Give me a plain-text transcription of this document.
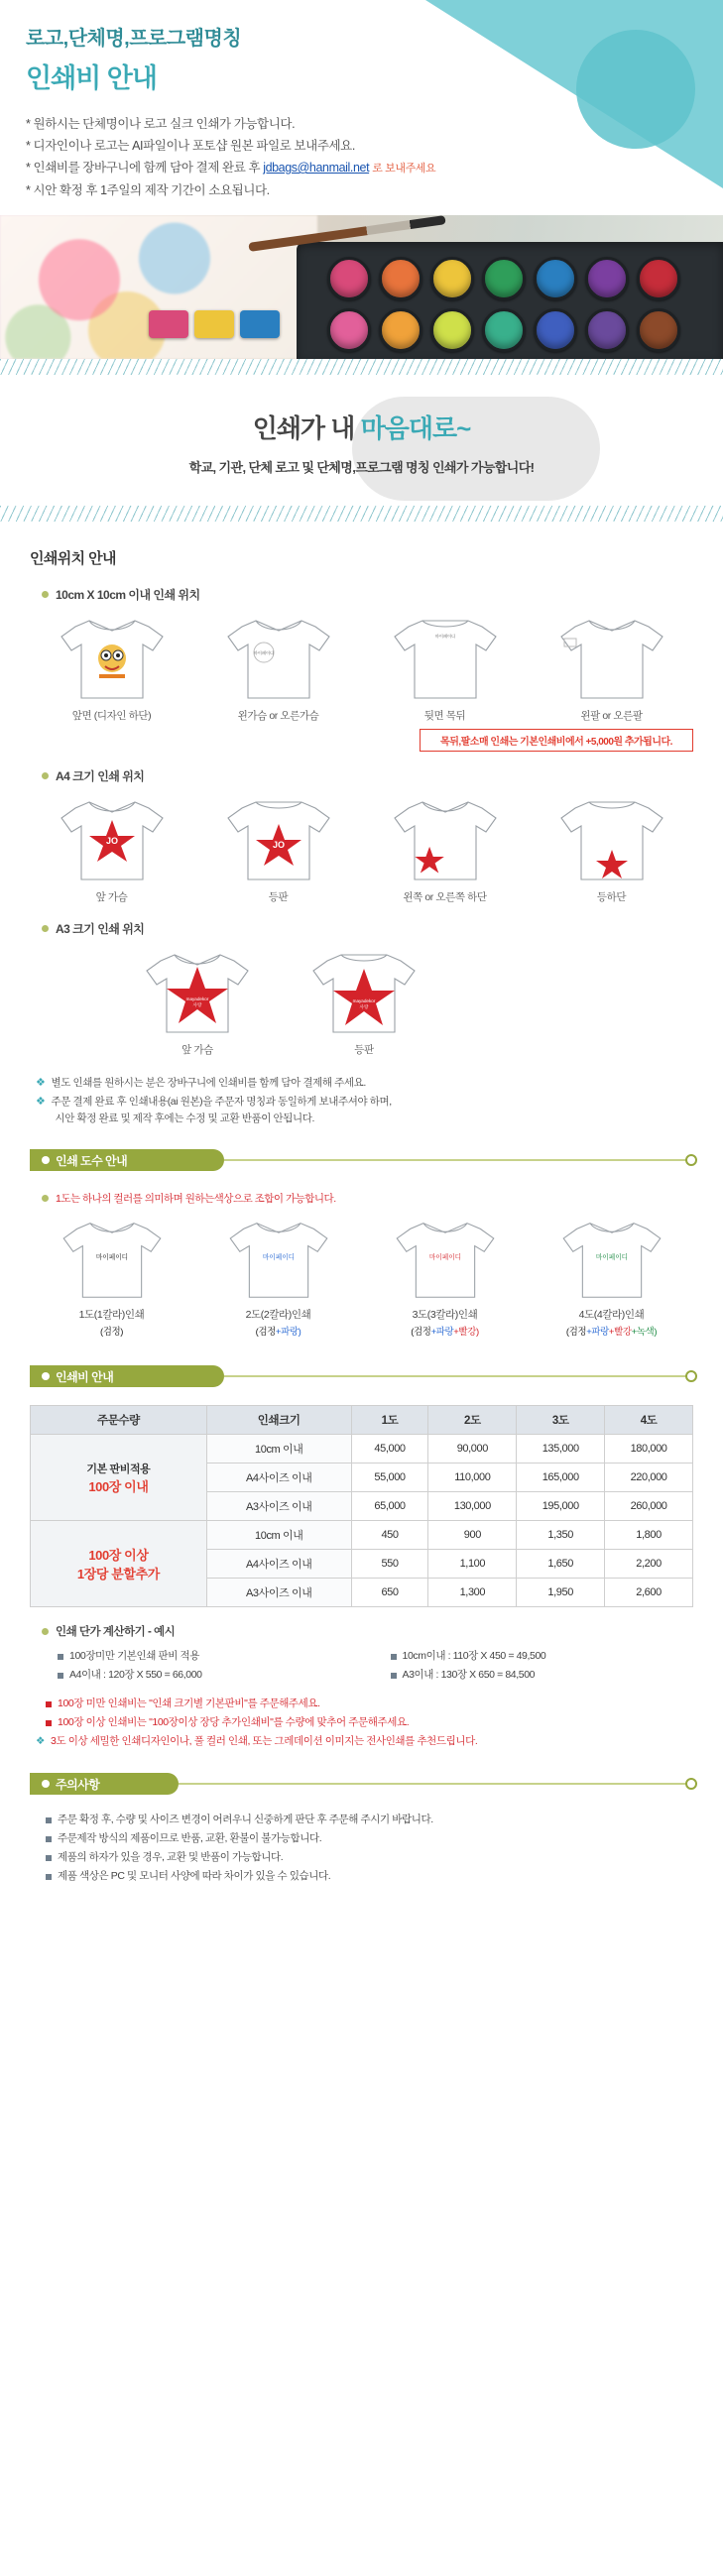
로고,단체명,프로그램명칭
인쇄비 안내
* 원하시는 단체명이나 로고 실크 인쇄가 가능합니다.
* 디자인이나 로고는 AI파일이나 포토샵 원본 파일로 보내주세요.
* 인쇄비를 장바구니에 함께 담아 결제 완료 후 jdbags@hanmail.net 로 보내주세요
* 시안 확정 후 1주일의 제작 기간이 소요됩니다.
인쇄가 내 마음대로~
학교, 기관, 단체 로고 및 단체명,프로그램 명칭 인쇄가 가능합니다!
인쇄위치 안내
10cm X 10cm 이내 인쇄 위치
앞면 (디자인 하단)
마이페이디
왼가슴 or 오른가슴
마이페이디
뒷면 목뒤	왼팔 or 오른팔
목뒤,팔소매 인쇄는 기본인쇄비에서 +5,000원 추가됩니다.
A4 크기 인쇄 위치
JO
앞 가슴
JO
등판	왼쪽 or 오른쪽 하단	등하단
A3 크기 인쇄 위치
mayadekor
사랑
앞 가슴
mayadekor
사랑
등판
❖ 별도 인쇄를 원하시는 분은 장바구니에 인쇄비를 함께 담아 결제해 주세요.
❖ 주문 결제 완료 후 인쇄내용(ai 원본)을 주문자 명칭과 동일하게 보내주셔야 하며,

시안 확정 완료 및 제작 후에는 수정 및 교환 반품이 안됩니다.
인쇄 도수 안내
1도는 하나의 컬러를 의미하며 원하는색상으로 조합이 가능합니다.
마이페이디
1도(1칼라)인쇄
(검정)
마이페이디
2도(2칼라)인쇄
(검정+파랑)
마이페이디
3도(3칼라)인쇄
(검정+파랑+빨강)
마이페이디
4도(4칼라)인쇄
(검정+파랑+빨강+녹색)
인쇄비 안내
주문수량	인쇄크기	1도	2도	3도	4도
기본 판비적용
100장 이내	10cm 이내	45,000	90,000	135,000	180,000
	A4사이즈 이내	55,000	110,000	165,000	220,000
	A3사이즈 이내	65,000	130,000	195,000	260,000
100장 이상
1장당 분할추가	10cm 이내	450	900	1,350	1,800
	A4사이즈 이내	550	1,100	1,650	2,200
	A3사이즈 이내	650	1,300	1,950	2,600
인쇄 단가 계산하기 - 예시
100장미만 기본인쇄 판비 적용	10cm이내 : 110장 X 450 = 49,500
A4이내 : 120장 X 550 = 66,000	A3이내 : 130장 X 650 = 84,500
100장 미만 인쇄비는 "인쇄 크기별 기본판비"를 주문해주세요.
100장 이상 인쇄비는 "100장이상 장당 추가인쇄비"를 수량에 맞추어 주문해주세요.
❖ 3도 이상 세밀한 인쇄디자인이나, 풀 컬러 인쇄, 또는 그레데이션 이미지는 전사인쇄를 추천드립니다.
주의사항
주문 확정 후, 수량 및 사이즈 변경이 어려우니 신중하게 판단 후 주문해 주시기 바랍니다.
주문제작 방식의 제품이므로 반품, 교환, 환불이 불가능합니다.
제품의 하자가 있을 경우, 교환 및 반품이 가능합니다.
제품 색상은 PC 및 모니터 사양에 따라 차이가 있을 수 있습니다.
